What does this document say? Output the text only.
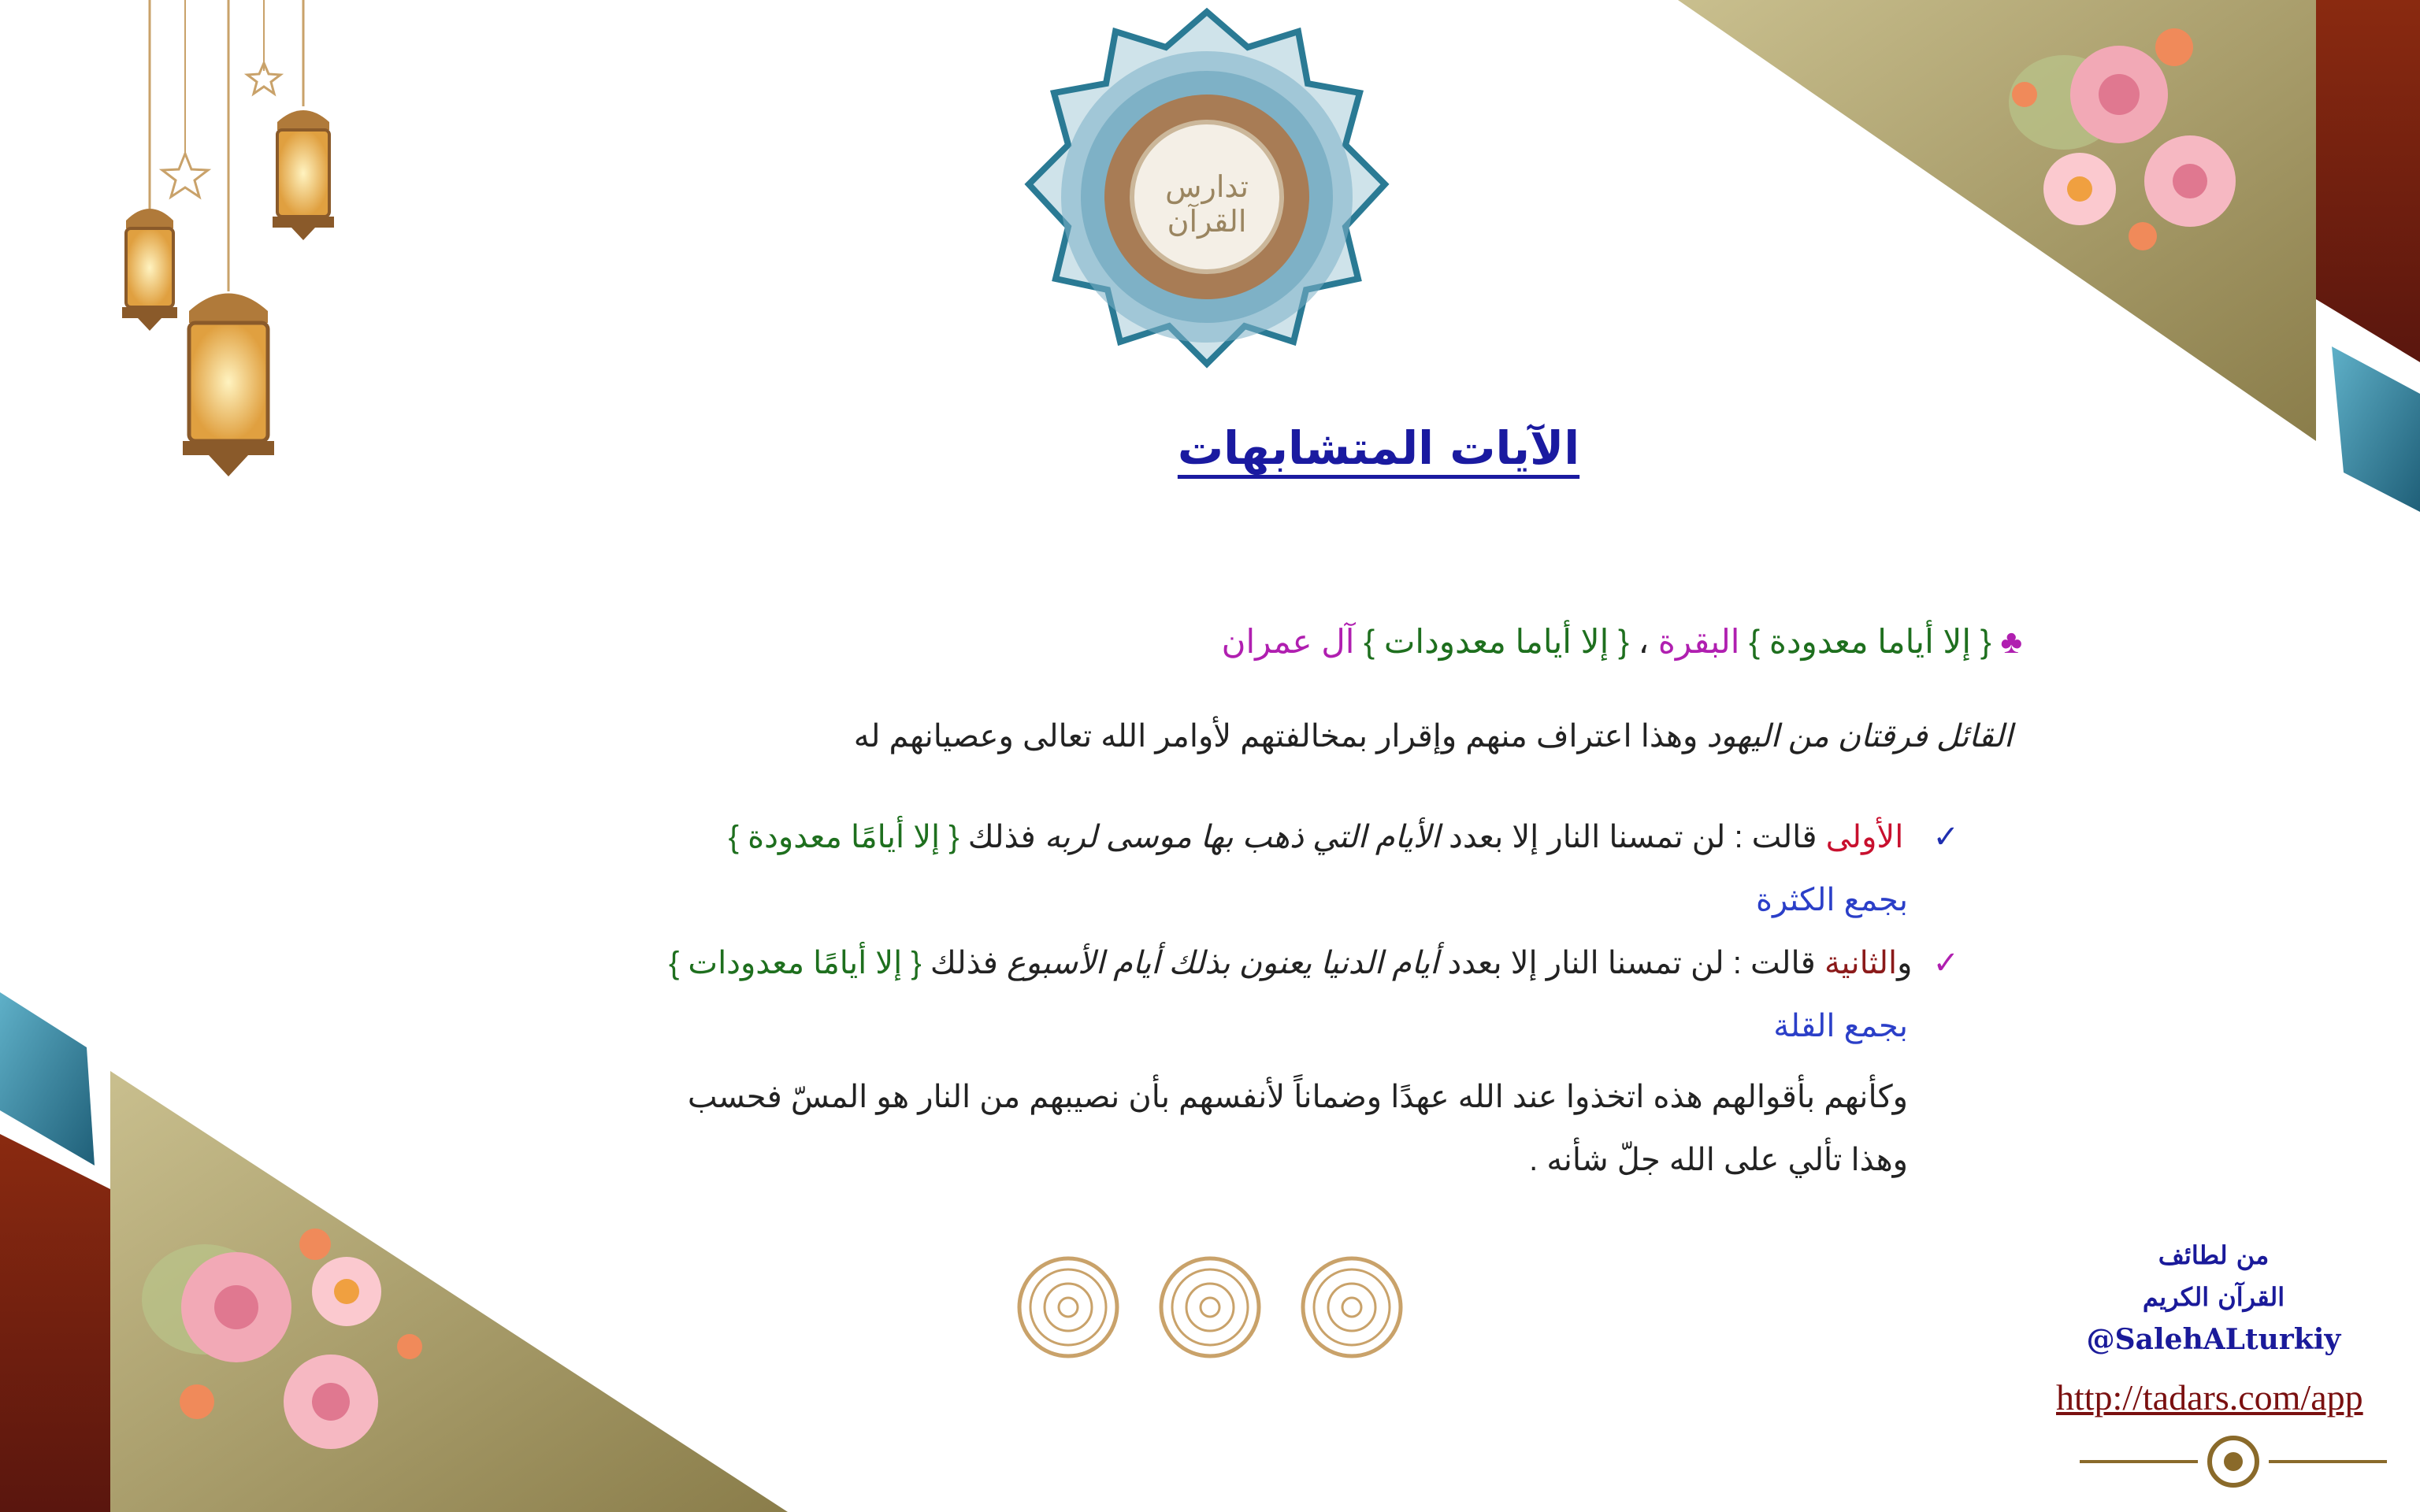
تدارس القرآن
الآيات المتشابهات
♣ { إلا أياما معدودة } البقرة ، { إلا أياما معدودات } آل عمران
القائل فرقتان من اليهود وهذا اعتراف منهم وإقرار بمخالفتهم لأوامر الله تعالى وعصيانهم له
✓ الأولى قالت : لن تمسنا النار إلا بعدد الأيام التي ذهب بها موسى لربه فذلك { إلا أيامًا معدودة }
بجمع الكثرة
✓والثانية قالت : لن تمسنا النار إلا بعدد أيام الدنيا يعنون بذلك أيام الأسبوع فذلك { إلا أيامًا معدودات }
بجمع القلة
وكأنهم بأقوالهم هذه اتخذوا عند الله عهدًا وضماناً لأنفسهم بأن نصيبهم من النار هو المسّ فحسب
وهذا تألي على الله جلّ شأنه .
من لطائف
القرآن الكريم
@SalehALturkiy
http://tadars.com/app
